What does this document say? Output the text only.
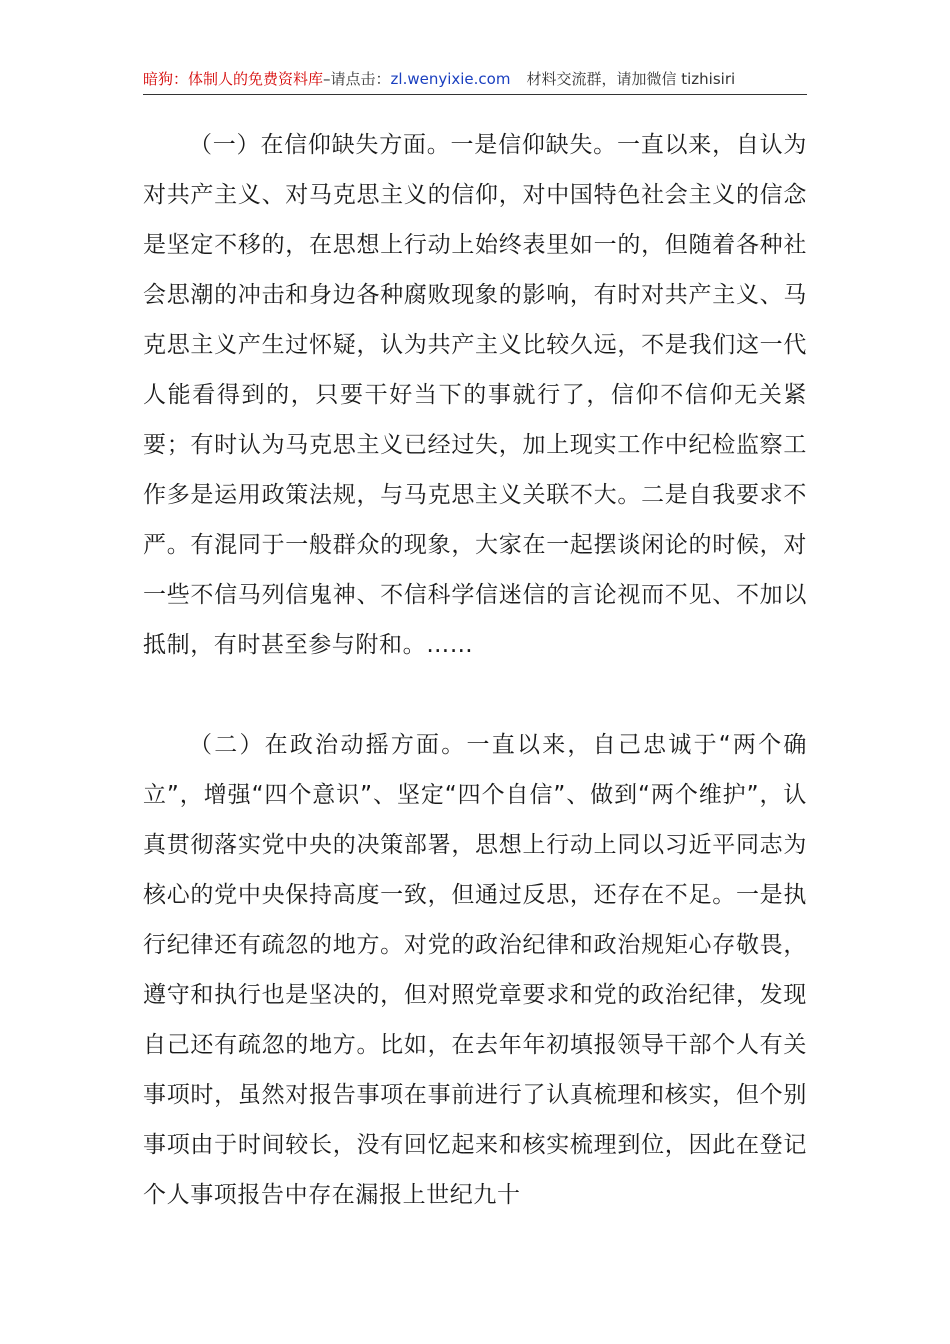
暗狗：体制人的免费资料库–请点击：zl.wenyixie.com 材料交流群，请加微信 tizhisiri

（一）在信仰缺失方面。一是信仰缺失。一直以来，自认为对共产主义、对马克思主义的信仰，对中国特色社会主义的信念是坚定不移的，在思想上行动上始终表里如一的，但随着各种社会思潮的冲击和身边各种腐败现象的影响，有时对共产主义、马克思主义产生过怀疑，认为共产主义比较久远，不是我们这一代人能看得到的，只要干好当下的事就行了，信仰不信仰无关紧要；有时认为马克思主义已经过失，加上现实工作中纪检监察工作多是运用政策法规，与马克思主义关联不大。二是自我要求不严。有混同于一般群众的现象，大家在一起摆谈闲论的时候，对一些不信马列信鬼神、不信科学信迷信的言论视而不见、不加以抵制，有时甚至参与附和。……

（二）在政治动摇方面。一直以来，自己忠诚于“两个确立”，增强“四个意识”、坚定“四个自信”、做到“两个维护”，认真贯彻落实党中央的决策部署，思想上行动上同以习近平同志为核心的党中央保持高度一致，但通过反思，还存在不足。一是执行纪律还有疏忽的地方。对党的政治纪律和政治规矩心存敬畏，遵守和执行也是坚决的，但对照党章要求和党的政治纪律，发现自己还有疏忽的地方。比如，在去年年初填报领导干部个人有关事项时，虽然对报告事项在事前进行了认真梳理和核实，但个别事项由于时间较长，没有回忆起来和核实梳理到位，因此在登记个人事项报告中存在漏报上世纪九十
